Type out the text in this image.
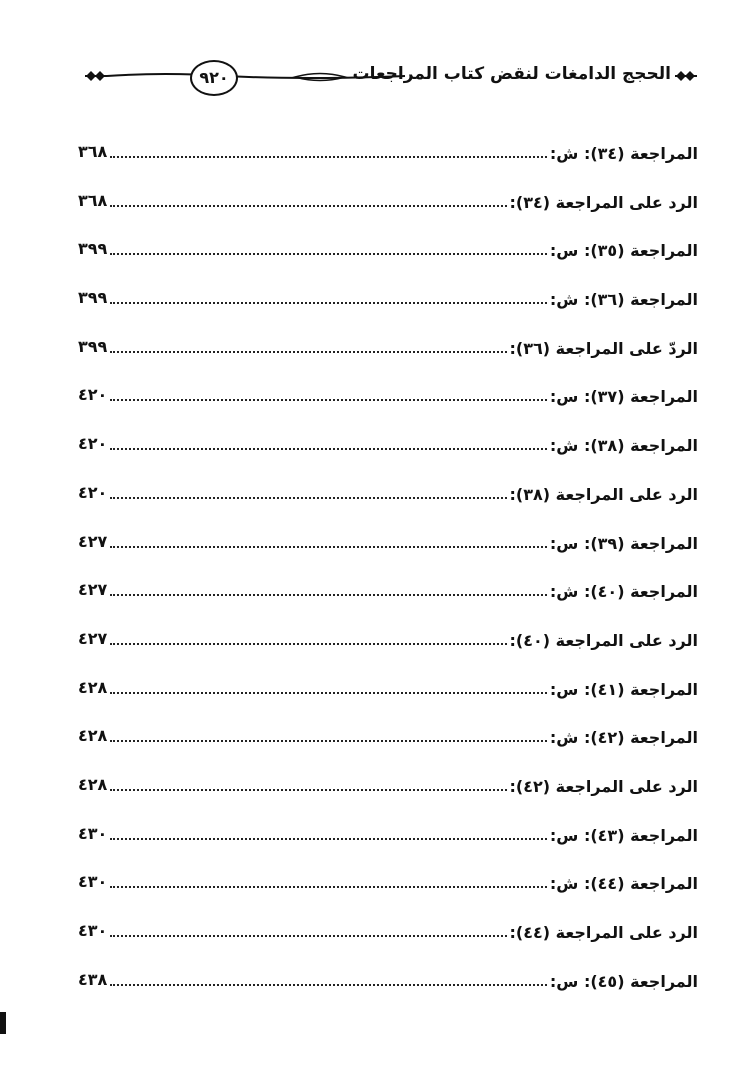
الحجج الدامغات لنقض كتاب المراجعات
٩٢٠
المراجعة (٣٤): ش:
٣٦٨
الرد على المراجعة (٣٤):
٣٦٨
المراجعة (٣٥): س:
٣٩٩
المراجعة (٣٦): ش:
٣٩٩
الردّ على المراجعة (٣٦):
٣٩٩
المراجعة (٣٧): س:
٤٢٠
المراجعة (٣٨): ش:
٤٢٠
الرد على المراجعة (٣٨):
٤٢٠
المراجعة (٣٩): س:
٤٢٧
المراجعة (٤٠): ش:
٤٢٧
الرد على المراجعة (٤٠):
٤٢٧
المراجعة (٤١): س:
٤٢٨
المراجعة (٤٢): ش:
٤٢٨
الرد على المراجعة (٤٢):
٤٢٨
المراجعة (٤٣): س:
٤٣٠
المراجعة (٤٤): ش:
٤٣٠
الرد على المراجعة (٤٤):
٤٣٠
المراجعة (٤٥): س:
٤٣٨
